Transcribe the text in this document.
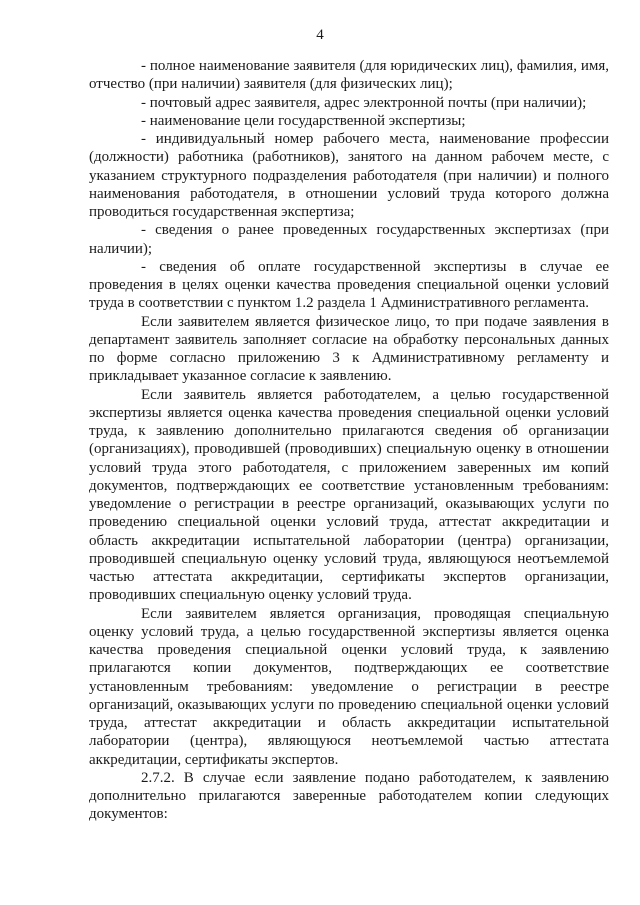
4

- полное наименование заявителя (для юридических лиц), фамилия, имя, отчество (при наличии) заявителя (для физических лиц);

- почтовый адрес заявителя, адрес электронной почты (при наличии);

- наименование цели государственной экспертизы;

- индивидуальный номер рабочего места, наименование профессии (должности) работника (работников), занятого на данном рабочем месте, с указанием структурного подразделения работодателя (при наличии) и полного наименования работодателя, в отношении условий труда которого должна проводиться государственная экспертиза;

- сведения о ранее проведенных государственных экспертизах (при наличии);

- сведения об оплате государственной экспертизы в случае ее проведения в целях оценки качества проведения специальной оценки условий труда в соответствии с пунктом 1.2 раздела 1 Административного регламента.

Если заявителем является физическое лицо, то при подаче заявления в департамент заявитель заполняет согласие на обработку персональных данных по форме согласно приложению 3 к Административному регламенту и прикладывает указанное согласие к заявлению.

Если заявитель является работодателем, а целью государственной экспертизы является оценка качества проведения специальной оценки условий труда, к заявлению дополнительно прилагаются сведения об организации (организациях), проводившей (проводивших) специальную оценку в отношении условий труда этого работодателя, с приложением заверенных им копий документов, подтверждающих ее соответствие установленным требованиям: уведомление о регистрации в реестре организаций, оказывающих услуги по проведению специальной оценки условий труда, аттестат аккредитации и область аккредитации испытательной лаборатории (центра) организации, проводившей специальную оценку условий труда, являющуюся неотъемлемой частью аттестата аккредитации, сертификаты экспертов организации, проводивших специальную оценку условий труда.

Если заявителем является организация, проводящая специальную оценку условий труда, а целью государственной экспертизы является оценка качества проведения специальной оценки условий труда, к заявлению прилагаются копии документов, подтверждающих ее соответствие установленным требованиям: уведомление о регистрации в реестре организаций, оказывающих услуги по проведению специальной оценки условий труда, аттестат аккредитации и область аккредитации испытательной лаборатории (центра), являющуюся неотъемлемой частью аттестата аккредитации, сертификаты экспертов.

2.7.2. В случае если заявление подано работодателем, к заявлению дополнительно прилагаются заверенные работодателем копии следующих документов:
